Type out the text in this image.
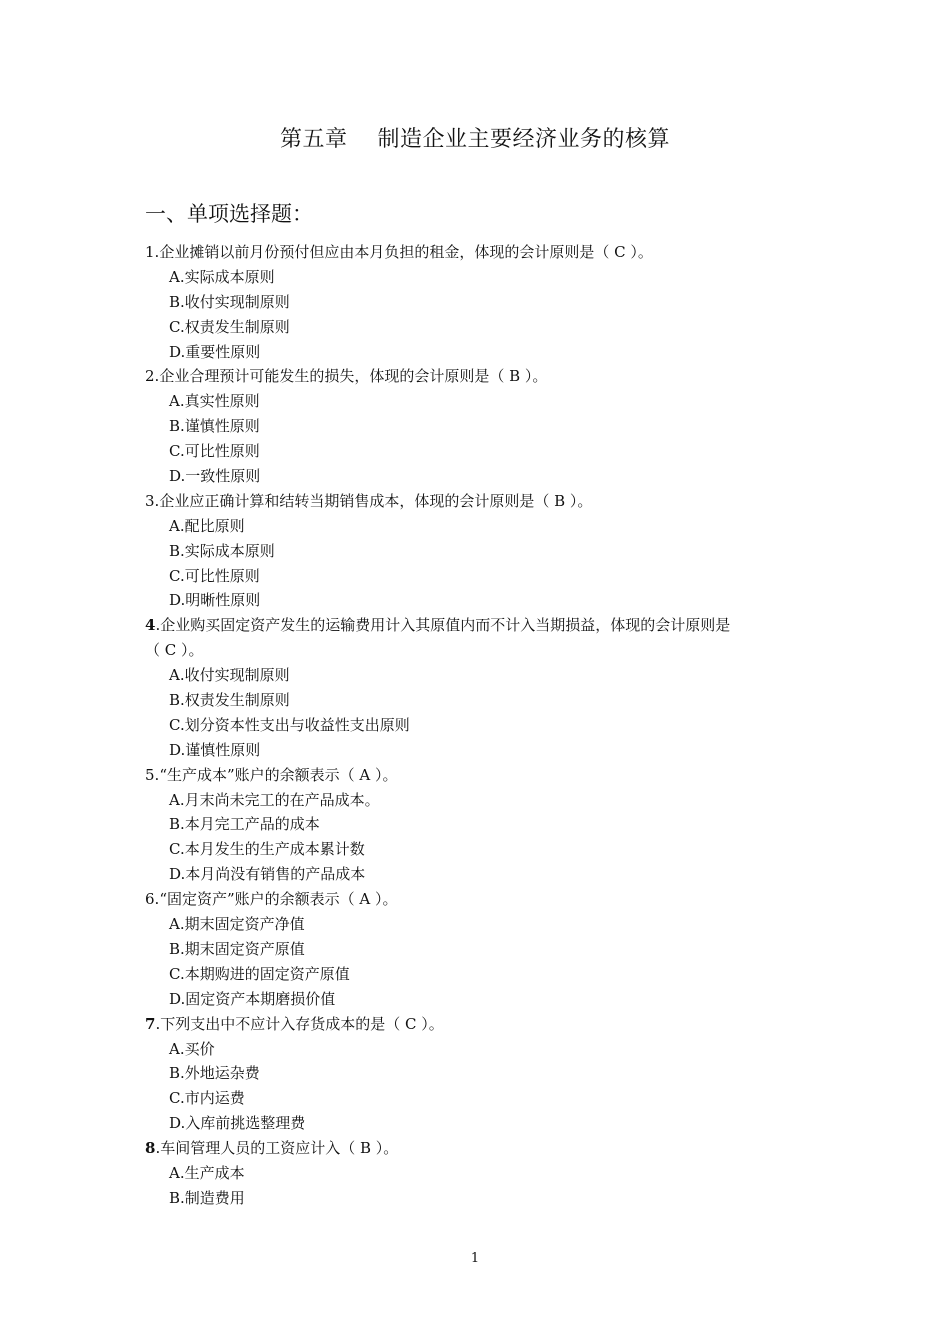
第五章    制造企业主要经济业务的核算
一、单项选择题：
1.企业摊销以前月份预付但应由本月负担的租金，体现的会计原则是（ C ）。
A.实际成本原则
B.收付实现制原则
C.权责发生制原则
D.重要性原则
2.企业合理预计可能发生的损失，体现的会计原则是（ B ）。
A.真实性原则
B.谨慎性原则
C.可比性原则
D.一致性原则
3.企业应正确计算和结转当期销售成本，体现的会计原则是（ B ）。
A.配比原则
B.实际成本原则
C.可比性原则
D.明晰性原则
4.企业购买固定资产发生的运输费用计入其原值内而不计入当期损益，体现的会计原则是
（ C ）。
A.收付实现制原则
B.权责发生制原则
C.划分资本性支出与收益性支出原则
D.谨慎性原则
5.“生产成本”账户的余额表示（ A ）。
A.月末尚未完工的在产品成本。
B.本月完工产品的成本
C.本月发生的生产成本累计数
D.本月尚没有销售的产品成本
6.“固定资产”账户的余额表示（ A ）。
A.期末固定资产净值
B.期末固定资产原值
C.本期购进的固定资产原值
D.固定资产本期磨损价值
7.下列支出中不应计入存货成本的是（ C ）。
A.买价
B.外地运杂费
C.市内运费
D.入库前挑选整理费
8.车间管理人员的工资应计入（ B ）。
A.生产成本
B.制造费用
1
